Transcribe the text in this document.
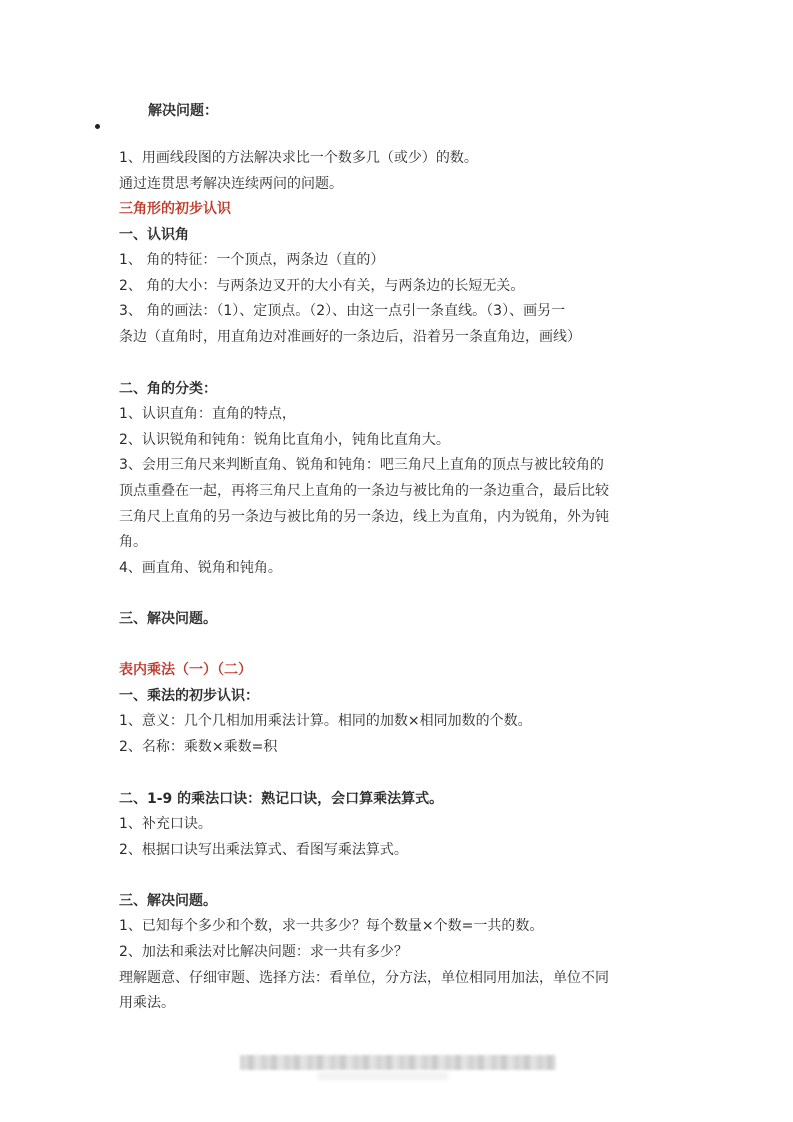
解决问题：
1、用画线段图的方法解决求比一个数多几（或少）的数。
通过连贯思考解决连续两问的问题。
三角形的初步认识
一、认识角
1、 角的特征：一个顶点，两条边（直的）
2、 角的大小：与两条边叉开的大小有关，与两条边的长短无关。
3、 角的画法：（1）、定顶点。（2）、由这一点引一条直线。（3）、画另一
条边（直角时，用直角边对准画好的一条边后，沿着另一条直角边，画线）
二、角的分类：
1、认识直角：直角的特点，
2、认识锐角和钝角：锐角比直角小，钝角比直角大。
3、会用三角尺来判断直角、锐角和钝角：吧三角尺上直角的顶点与被比较角的
顶点重叠在一起，再将三角尺上直角的一条边与被比角的一条边重合，最后比较
三角尺上直角的另一条边与被比角的另一条边，线上为直角，内为锐角，外为钝
角。
4、画直角、锐角和钝角。
三、解决问题。
表内乘法（一）（二）
一、乘法的初步认识：
1、意义：几个几相加用乘法计算。相同的加数×相同加数的个数。
2、名称：乘数×乘数=积
二、1-9 的乘法口诀：熟记口诀，会口算乘法算式。
1、补充口诀。
2、根据口诀写出乘法算式、看图写乘法算式。
三、解决问题。
1、已知每个多少和个数，求一共多少？每个数量×个数=一共的数。
2、加法和乘法对比解决问题：求一共有多少？
理解题意、仔细审题、选择方法：看单位，分方法，单位相同用加法，单位不同
用乘法。
